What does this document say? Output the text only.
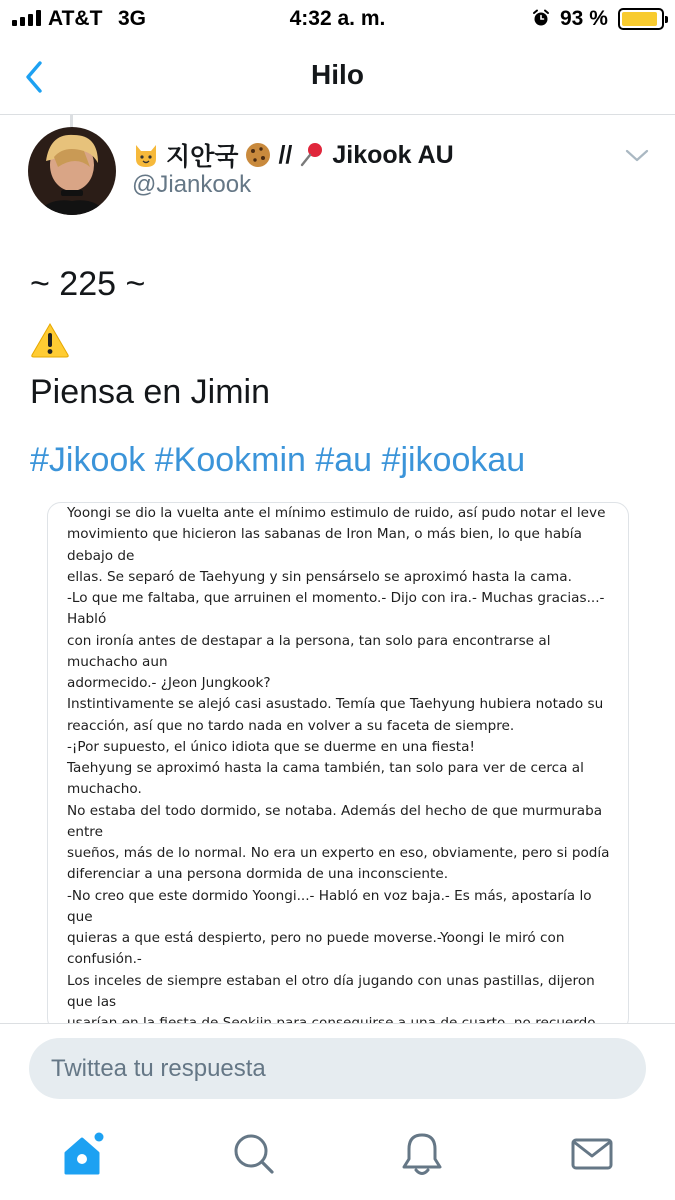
AT&T 3G	4:32 a. m.	93 %
Hilo
지안국 // Jikook AU
@Jiankook
~ 225 ~
Piensa en Jimin
#Jikook #Kookmin #au #jikookau

Yoongi se dio la vuelta ante el mínimo estimulo de ruido, así pudo notar el leve

movimiento que hicieron las sabanas de Iron Man, o más bien, lo que había debajo de

ellas. Se separó de Taehyung y sin pensárselo se aproximó hasta la cama.

-Lo que me faltaba, que arruinen el momento.- Dijo con ira.- Muchas gracias...- Habló

con ironía antes de destapar a la persona, tan solo para encontrarse al muchacho aun

adormecido.- ¿Jeon Jungkook?

Instintivamente se alejó casi asustado. Temía que Taehyung hubiera notado su

reacción, así que no tardo nada en volver a su faceta de siempre.

-¡Por supuesto, el único idiota que se duerme en una fiesta!

Taehyung se aproximó hasta la cama también, tan solo para ver de cerca al muchacho.

No estaba del todo dormido, se notaba. Además del hecho de que murmuraba entre

sueños, más de lo normal. No era un experto en eso, obviamente, pero si podía

diferenciar a una persona dormida de una inconsciente.

-No creo que este dormido Yoongi...- Habló en voz baja.- Es más, apostaría lo que

quieras a que está despierto, pero no puede moverse.-Yoongi le miró con confusión.-

Los inceles de siempre estaban el otro día jugando con unas pastillas, dijeron que las

Twittea tu respuesta
